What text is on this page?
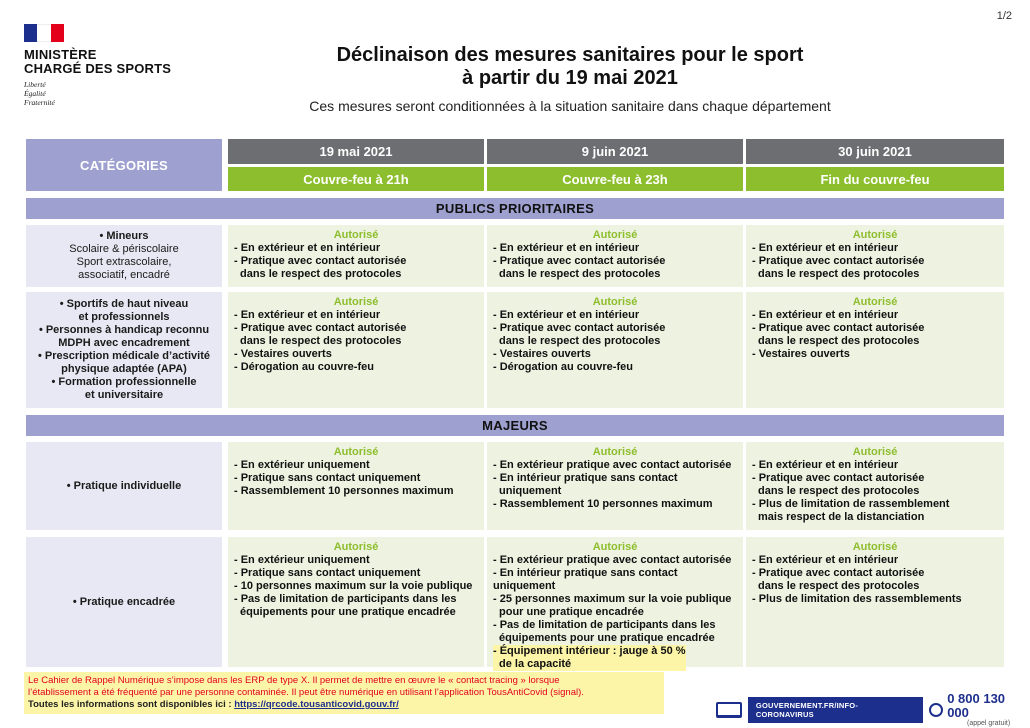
1/2
MINISTÈRE
CHARGÉ DES SPORTS
Liberté
Égalité
Fraternité
Déclinaison des mesures sanitaires pour le sport
à partir du 19 mai 2021
Ces mesures seront conditionnées à la situation sanitaire dans chaque département
CATÉGORIES
19 mai 2021	9 juin 2021	30 juin 2021
Couvre-feu à 21h	Couvre-feu à 23h	Fin du couvre-feu
PUBLICS PRIORITAIRES
• Mineurs
Scolaire & périscolaire
Sport extrascolaire,
associatif, encadré
Autorisé
- En extérieur et en intérieur
- Pratique avec contact autorisée
dans le respect des protocoles
Autorisé
- En extérieur et en intérieur
- Pratique avec contact autorisée
dans le respect des protocoles
Autorisé
- En extérieur et en intérieur
- Pratique avec contact autorisée
dans le respect des protocoles
• Sportifs de haut niveau
et professionnels
• Personnes à handicap reconnu
MDPH avec encadrement
• Prescription médicale d’activité
physique adaptée (APA)
• Formation professionnelle
et universitaire
Autorisé
- En extérieur et en intérieur
- Pratique avec contact autorisée
dans le respect des protocoles
- Vestaires ouverts
- Dérogation au couvre-feu
Autorisé
- En extérieur et en intérieur
- Pratique avec contact autorisée
dans le respect des protocoles
- Vestaires ouverts
- Dérogation au couvre-feu
Autorisé
- En extérieur et en intérieur
- Pratique avec contact autorisée
dans le respect des protocoles
- Vestaires ouverts
MAJEURS
• Pratique individuelle
Autorisé
- En extérieur uniquement
- Pratique sans contact uniquement
- Rassemblement 10 personnes maximum
Autorisé
- En extérieur pratique avec contact autorisée
- En intérieur pratique sans contact
uniquement
- Rassemblement 10 personnes maximum
Autorisé
- En extérieur et en intérieur
- Pratique avec contact autorisée
dans le respect des protocoles
- Plus de limitation de rassemblement
mais respect de la distanciation
• Pratique encadrée
Autorisé
- En extérieur uniquement
- Pratique sans contact uniquement
- 10 personnes maximum sur la voie publique
- Pas de limitation de participants dans les
équipements pour une pratique encadrée
Autorisé
- En extérieur pratique avec contact autorisée
- En intérieur pratique sans contact uniquement
- 25 personnes maximum sur la voie publique
pour une pratique encadrée
- Pas de limitation de participants dans les
équipements pour une pratique encadrée
- Équipement intérieur : jauge à 50 %
de la capacité
Autorisé
- En extérieur et en intérieur
- Pratique avec contact autorisée
dans le respect des protocoles
- Plus de limitation des rassemblements
Le Cahier de Rappel Numérique s’impose dans les ERP de type X. Il permet de mettre en œuvre le « contact tracing » lorsque
l’établissement a été fréquenté par une personne contaminée. Il peut être numérique en utilisant l’application TousAntiCovid (signal).
Toutes les informations sont disponibles ici : https://qrcode.tousanticovid.gouv.fr/	GOUVERNEMENT.FR/INFO-CORONAVIRUS
0 800 130 000
(appel gratuit)
